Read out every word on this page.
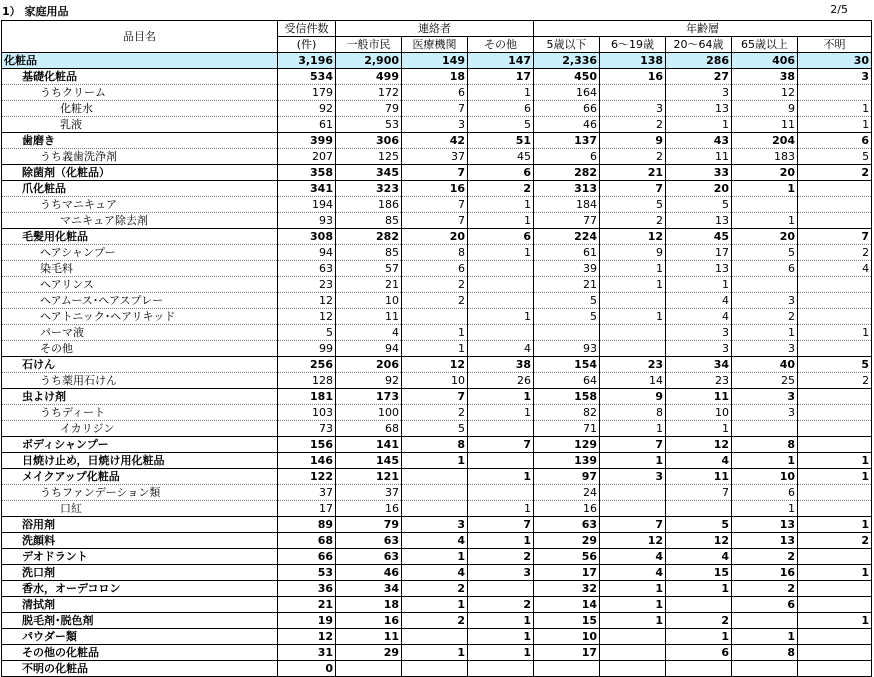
1） 家庭用品	2/5
品目名	受信件数	連絡者			年齢層				
	(件)	一般市民	医療機関	その他	5歳以下	6～19歳	20～64歳	65歳以上	不明
化粧品	3,196	2,900	149	147	2,336	138	286	406	30
基礎化粧品	534	499	18	17	450	16	27	38	3
うちクリーム	179	172	6	1	164		3	12	
化粧水	92	79	7	6	66	3	13	9	1
乳液	61	53	3	5	46	2	1	11	1
歯磨き	399	306	42	51	137	9	43	204	6
うち義歯洗浄剤	207	125	37	45	6	2	11	183	5
除菌剤（化粧品）	358	345	7	6	282	21	33	20	2
爪化粧品	341	323	16	2	313	7	20	1	
うちマニキュア	194	186	7	1	184	5	5		
マニキュア除去剤	93	85	7	1	77	2	13	1	
毛髪用化粧品	308	282	20	6	224	12	45	20	7
ヘアシャンプー	94	85	8	1	61	9	17	5	2
染毛料	63	57	6		39	1	13	6	4
ヘアリンス	23	21	2		21	1	1		
ヘアムース･ヘアスプレー	12	10	2		5		4	3	
ヘアトニック･ヘアリキッド	12	11		1	5	1	4	2	
パーマ液	5	4	1				3	1	1
その他	99	94	1	4	93		3	3	
石けん	256	206	12	38	154	23	34	40	5
うち薬用石けん	128	92	10	26	64	14	23	25	2
虫よけ剤	181	173	7	1	158	9	11	3	
うちディート	103	100	2	1	82	8	10	3	
イカリジン	73	68	5		71	1	1		
ボディシャンプー	156	141	8	7	129	7	12	8	
日焼け止め，日焼け用化粧品	146	145	1		139	1	4	1	1
メイクアップ化粧品	122	121		1	97	3	11	10	1
うちファンデーション類	37	37			24		7	6	
口紅	17	16		1	16			1	
浴用剤	89	79	3	7	63	7	5	13	1
洗顔料	68	63	4	1	29	12	12	13	2
デオドラント	66	63	1	2	56	4	4	2	
洗口剤	53	46	4	3	17	4	15	16	1
香水，オーデコロン	36	34	2		32	1	1	2	
清拭剤	21	18	1	2	14	1		6	
脱毛剤･脱色剤	19	16	2	1	15	1	2		1
パウダー類	12	11		1	10		1	1	
その他の化粧品	31	29	1	1	17		6	8	
不明の化粧品	0								
